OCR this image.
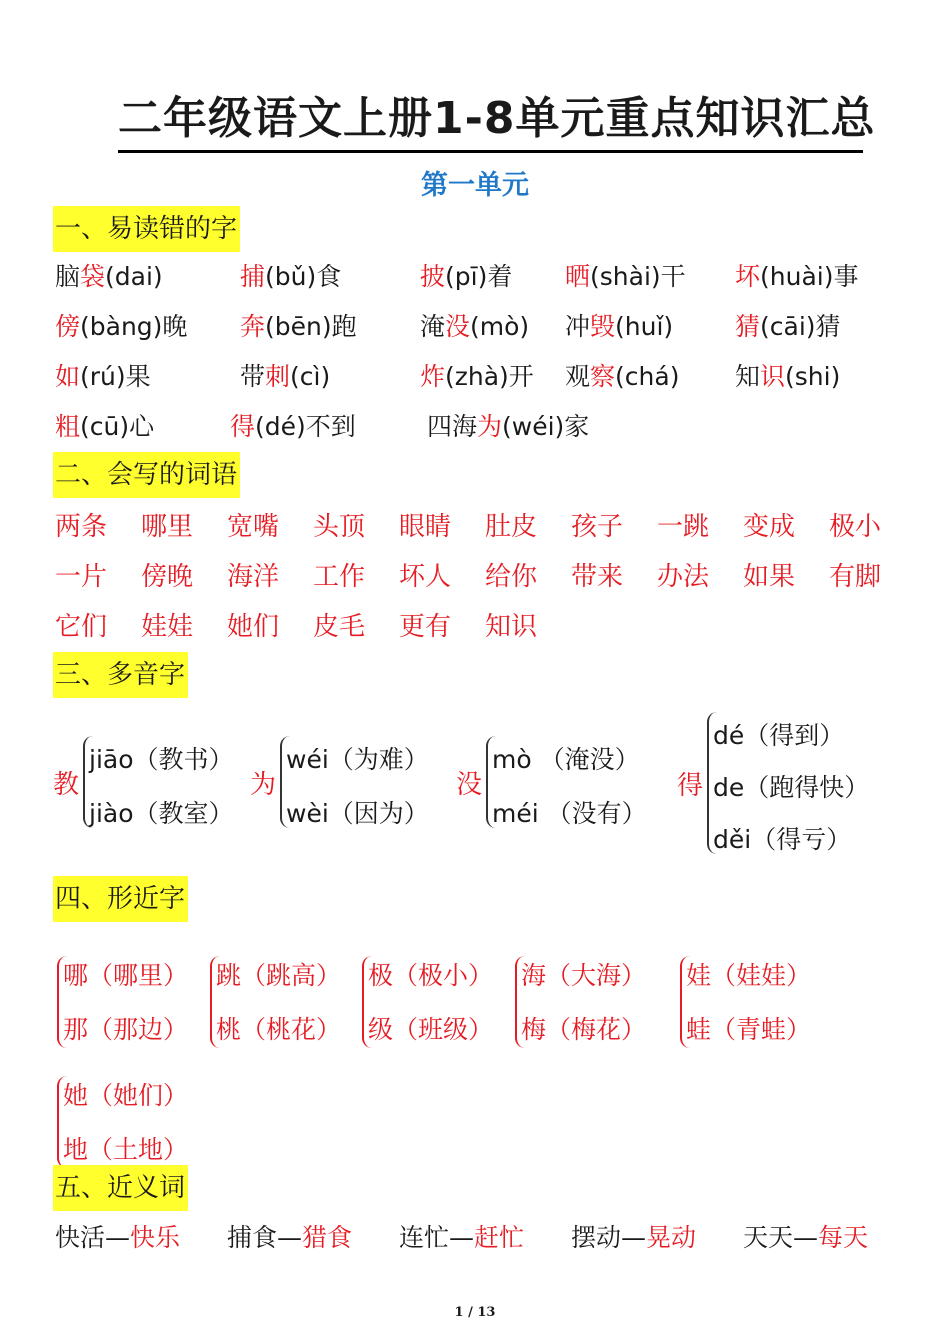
二年级语文上册1-8单元重点知识汇总
第一单元
一、易读错的字
脑袋(dai)	捕(bǔ)食	披(pī)着 晒(shài)干 坏(huài)事
傍(bàng)晚 奔(bēn)跑	淹没(mò) 冲毁(huǐ) 猜(cāi)猜
如(rú)果	带刺(cì)	炸(zhà)开 观察(chá) 知识(shi)
粗(cū)心	得(dé)不到	四海为(wéi)家
二、会写的词语
两条 哪里 宽嘴 头顶 眼睛 肚皮 孩子 一跳 变成 极小
一片 傍晚 海洋 工作 坏人 给你 带来 办法 如果 有脚
它们 娃娃 她们 皮毛 更有 知识
三、多音字
教
jiāo（教书）
jiào（教室）
为
wéi（为难）
wèi（因为）
没
mò （淹没）
méi （没有）
得
dé（得到）
de（跑得快）
děi（得亏）
四、形近字
哪（哪里）
那（那边）
跳（跳高）
桃（桃花）
极（极小）
级（班级）
海（大海）
梅（梅花）
娃（娃娃）
蛙（青蛙）
她（她们）
地（土地）
五、近义词
快活—快乐 捕食—猎食 连忙—赶忙 摆动—晃动 天天—每天
1 / 13
